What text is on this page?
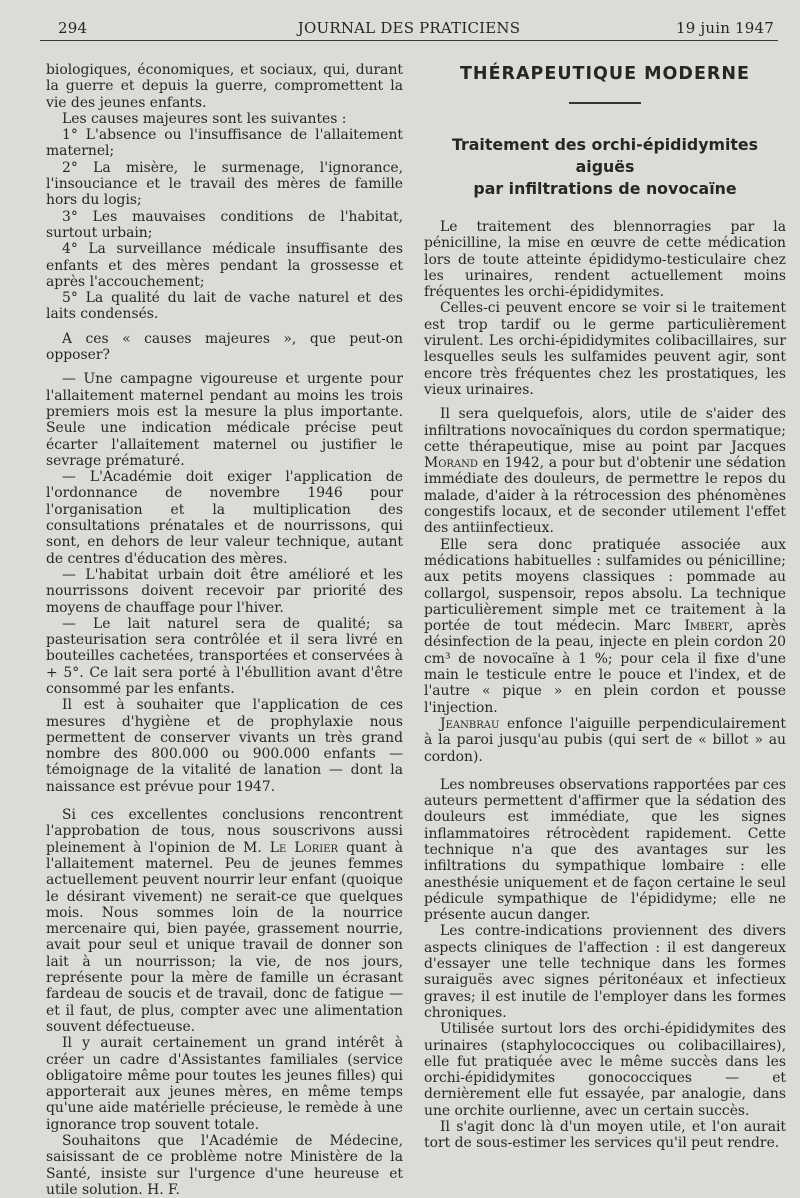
294	JOURNAL DES PRATICIENS	19 juin 1947

biologiques, économiques, et sociaux, qui, durant la guerre et depuis la guerre, compromettent la vie des jeunes enfants.

Les causes majeures sont les suivantes :

1° L'absence ou l'insuffisance de l'allaitement maternel;

2° La misère, le surmenage, l'ignorance, l'insouciance et le travail des mères de famille hors du logis;

3° Les mauvaises conditions de l'habitat, surtout urbain;

4° La surveillance médicale insuffisante des enfants et des mères pendant la grossesse et après l'accouchement;

5° La qualité du lait de vache naturel et des laits condensés.

A ces « causes majeures », que peut-on opposer?

— Une campagne vigoureuse et urgente pour l'allaitement maternel pendant au moins les trois premiers mois est la mesure la plus importante. Seule une indication médicale précise peut écarter l'allaitement maternel ou justifier le sevrage prématuré.

— L'Académie doit exiger l'application de l'ordonnance de novembre 1946 pour l'organisation et la multiplication des consultations prénatales et de nourrissons, qui sont, en dehors de leur valeur technique, autant de centres d'éducation des mères.

— L'habitat urbain doit être amélioré et les nourrissons doivent recevoir par priorité des moyens de chauffage pour l'hiver.

— Le lait naturel sera de qualité; sa pasteurisation sera contrôlée et il sera livré en bouteilles cachetées, transportées et conservées à + 5°. Ce lait sera porté à l'ébullition avant d'être consommé par les enfants.

Il est à souhaiter que l'application de ces mesures d'hygiène et de prophylaxie nous permettent de conserver vivants un très grand nombre des 800.000 ou 900.000 enfants — témoignage de la vitalité de lanation — dont la naissance est prévue pour 1947.

Si ces excellentes conclusions rencontrent l'approbation de tous, nous souscrivons aussi pleinement à l'opinion de M. Le Lorier quant à l'allaitement maternel. Peu de jeunes femmes actuellement peuvent nourrir leur enfant (quoique le désirant vivement) ne serait-ce que quelques mois. Nous sommes loin de la nourrice mercenaire qui, bien payée, grassement nourrie, avait pour seul et unique travail de donner son lait à un nourrisson; la vie, de nos jours, représente pour la mère de famille un écrasant fardeau de soucis et de travail, donc de fatigue — et il faut, de plus, compter avec une alimentation souvent défectueuse.

Il y aurait certainement un grand intérêt à créer un cadre d'Assistantes familiales (service obligatoire même pour toutes les jeunes filles) qui apporterait aux jeunes mères, en même temps qu'une aide matérielle précieuse, le remède à une ignorance trop souvent totale.

Souhaitons que l'Académie de Médecine, saisissant de ce problème notre Ministère de la Santé, insiste sur l'urgence d'une heureuse et utile solution. H. F.

THÉRAPEUTIQUE MODERNE
Traitement des orchi-épididymites aiguës
par infiltrations de novocaïne

Le traitement des blennorragies par la pénicilline, la mise en œuvre de cette médication lors de toute atteinte épididymo-testiculaire chez les urinaires, rendent actuellement moins fréquentes les orchi-épididymites.

Celles-ci peuvent encore se voir si le traitement est trop tardif ou le germe particulièrement virulent. Les orchi-épididymites colibacillaires, sur lesquelles seuls les sulfamides peuvent agir, sont encore très fréquentes chez les prostatiques, les vieux urinaires.

Il sera quelquefois, alors, utile de s'aider des infiltrations novocaïniques du cordon spermatique; cette thérapeutique, mise au point par Jacques Morand en 1942, a pour but d'obtenir une sédation immédiate des douleurs, de permettre le repos du malade, d'aider à la rétrocession des phénomènes congestifs locaux, et de seconder utilement l'effet des antiinfectieux.

Elle sera donc pratiquée associée aux médications habituelles : sulfamides ou pénicilline; aux petits moyens classiques : pommade au collargol, suspensoir, repos absolu. La technique particulièrement simple met ce traitement à la portée de tout médecin. Marc Imbert, après désinfection de la peau, injecte en plein cordon 20 cm³ de novocaïne à 1 %; pour cela il fixe d'une main le testicule entre le pouce et l'index, et de l'autre « pique » en plein cordon et pousse l'injection.

Jeanbrau enfonce l'aiguille perpendiculairement à la paroi jusqu'au pubis (qui sert de « billot » au cordon).

Les nombreuses observations rapportées par ces auteurs permettent d'affirmer que la sédation des douleurs est immédiate, que les signes inflammatoires rétrocèdent rapidement. Cette technique n'a que des avantages sur les infiltrations du sympathique lombaire : elle anesthésie uniquement et de façon certaine le seul pédicule sympathique de l'épididyme; elle ne présente aucun danger.

Les contre-indications proviennent des divers aspects cliniques de l'affection : il est dangereux d'essayer une telle technique dans les formes suraiguës avec signes péritonéaux et infectieux graves; il est inutile de l'employer dans les formes chroniques.

Utilisée surtout lors des orchi-épididymites des urinaires (staphylococciques ou colibacillaires), elle fut pratiquée avec le même succès dans les orchi-épididymites gonococciques — et dernièrement elle fut essayée, par analogie, dans une orchite ourlienne, avec un certain succès.

Il s'agit donc là d'un moyen utile, et l'on aurait tort de sous-estimer les services qu'il peut rendre.
